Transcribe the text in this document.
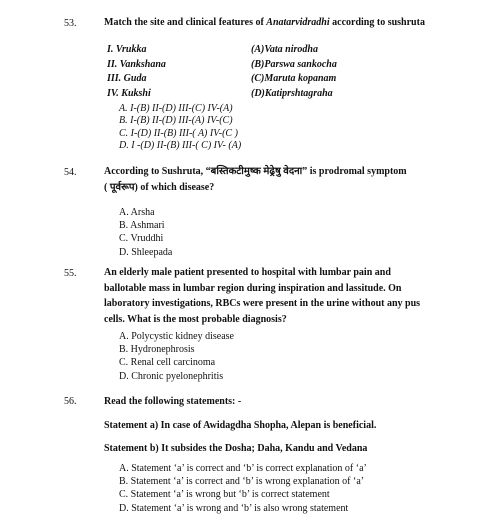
53.	Match the site and clinical features of Anatarvidradhi according to sushruta
I. Vrukka	(A)Vata nirodha
II. Vankshana	(B)Parswa sankocha
III. Guda	(C)Maruta kopanam
IV. Kukshi	(D)Katiprshtagraha
A. I-(B) II-(D) III-(C) IV-(A)
B. I-(B) II-(D) III-(A) IV-(C)
C. I-(D) II-(B) III-( A) IV-(C )
D. I -(D) II-(B) III-( C) IV- (A)
54.	According to Sushruta, “बस्तिकटीमुष्क मेढ्रेषु वेदना” is prodromal symptom
( पूर्वरूप) of which disease?
A. Arsha
B. Ashmari
C. Vruddhi
D. Shleepada
55.	An elderly male patient presented to hospital with lumbar pain and
ballotable mass in lumbar region during inspiration and lassitude. On
laboratory investigations, RBCs were present in the urine without any pus
cells. What is the most probable diagnosis?
A. Polycystic kidney disease
B. Hydronephrosis
C. Renal cell carcinoma
D. Chronic pyelonephritis
56.	Read the following statements: -
Statement a) In case of Awidagdha Shopha, Alepan is beneficial.
Statement b) It subsides the Dosha; Daha, Kandu and Vedana
A. Statement ‘a’ is correct and ‘b’ is correct explanation of ‘a’
B. Statement ‘a’ is correct and ‘b’ is wrong explanation of ‘a’
C. Statement ‘a’ is wrong but ‘b’ is correct statement
D. Statement ‘a’ is wrong and ‘b’ is also wrong statement
